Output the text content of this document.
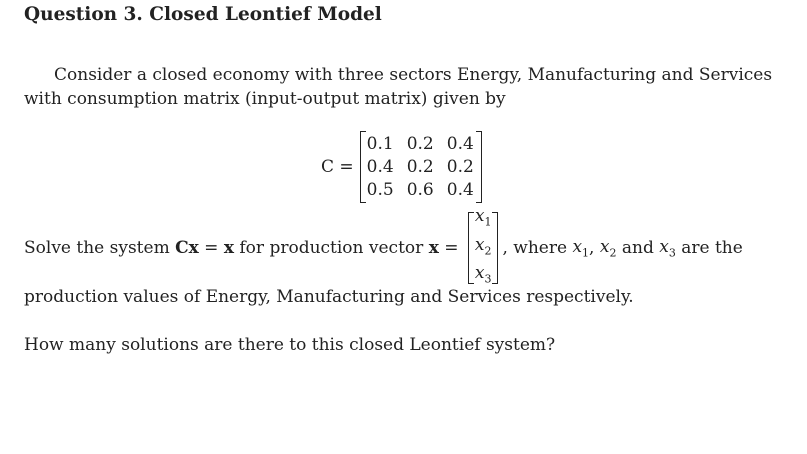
Question 3. Closed Leontief Model
Consider a closed economy with three sectors Energy, Manufacturing and Services with consumption matrix (input-output matrix) given by
C =
0.1 0.2 0.4
0.4 0.2 0.2
0.5 0.6 0.4
Solve the system Cx = x for production vector x =
$x_1$
$x_2$
$x_3$
, where $x_1$ , $x_2$ and $x_3$ are the
production values of Energy, Manufacturing and Services respectively.
How many solutions are there to this closed Leontief system?
